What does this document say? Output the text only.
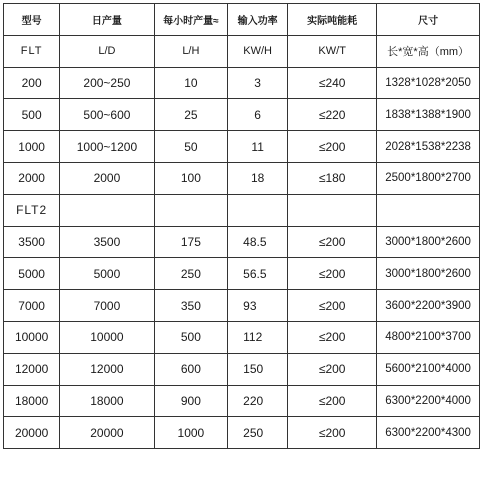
型号	日产量	每小时产量≈	输入功率	实际吨能耗	尺寸
FLT	L/D	L/H	KW/H	KW/T	长*宽*高（mm）
200	200~250	10	3	≤240	1328*1028*2050
500	500~600	25	6	≤220	1838*1388*1900
1000	1000~1200	50	11	≤200	2028*1538*2238
2000	2000	100	18	≤180	2500*1800*2700
FLT2					
3500	3500	175	48.5	≤200	3000*1800*2600
5000	5000	250	56.5	≤200	3000*1800*2600
7000	7000	350	93	≤200	3600*2200*3900
10000	10000	500	112	≤200	4800*2100*3700
12000	12000	600	150	≤200	5600*2100*4000
18000	18000	900	220	≤200	6300*2200*4000
20000	20000	1000	250	≤200	6300*2200*4300
